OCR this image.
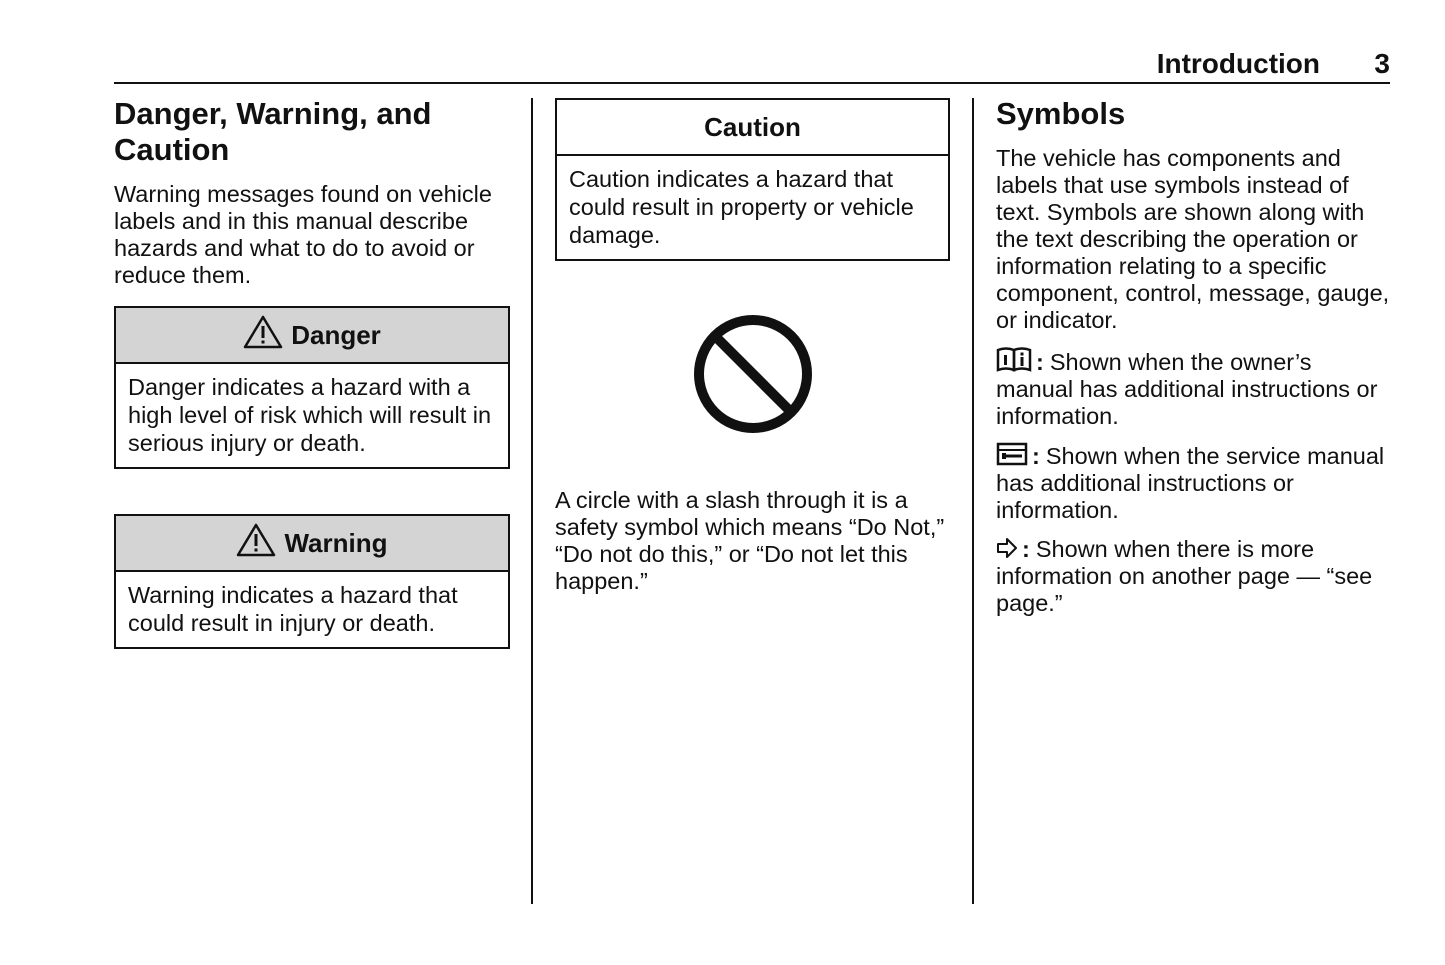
Introduction 3
Danger, Warning, and Caution

Warning messages found on vehicle labels and in this manual describe hazards and what to do to avoid or reduce them.

Danger
Danger indicates a hazard with a high level of risk which will result in serious injury or death.
Warning
Warning indicates a hazard that could result in injury or death.
Caution
Caution indicates a hazard that could result in property or vehicle damage.

A circle with a slash through it is a safety symbol which means “Do Not,” “Do not do this,” or “Do not let this happen.”

Symbols

The vehicle has components and labels that use symbols instead of text. Symbols are shown along with the text describing the operation or information relating to a specific component, control, message, gauge, or indicator.

: Shown when the owner’s manual has additional instructions or information.
: Shown when the service manual has additional instructions or information.
: Shown when there is more information on another page — “see page.”
